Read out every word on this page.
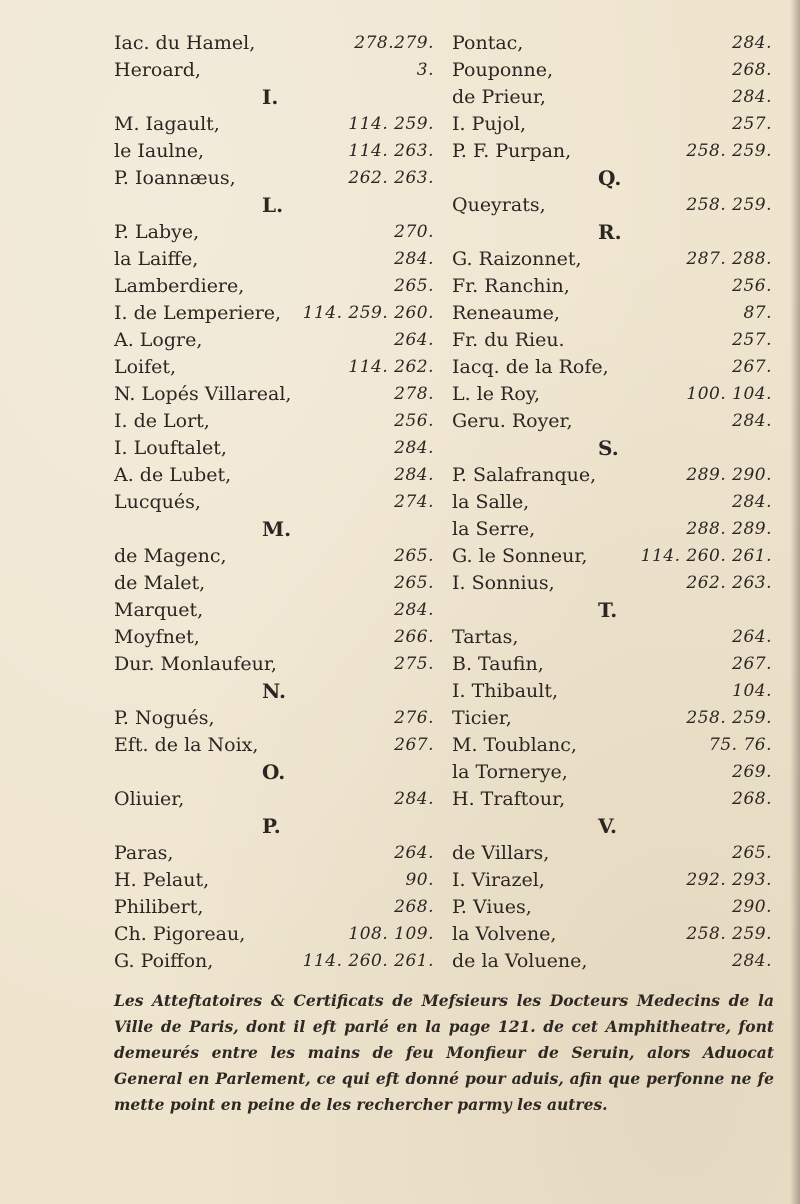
Iac. du Hamel,	278.279.
Heroard,	3.
I.
M. Iagault,	114. 259.
le Iaulne,	114. 263.
P. Ioannæus,	262. 263.
L.
P. Labye,	270.
la Laiffe,	284.
Lamberdiere,	265.
I. de Lemperiere, 114. 259. 260.
A. Logre,	264.
Loifet,	114. 262.
N. Lopés Villareal,	278.
I. de Lort,	256.
I. Louftalet,	284.
A. de Lubet,	284.
Lucqués,	274.
M.
de Magenc,	265.
de Malet,	265.
Marquet,	284.
Moyfnet,	266.
Dur. Monlaufeur,	275.
N.
P. Nogués,	276.
Eft. de la Noix,	267.
O.
Oliuier,	284.
P.
Paras,	264.
H. Pelaut,	90.
Philibert,	268.
Ch. Pigoreau,	108. 109.
G. Poiffon,	114. 260. 261.
Pontac,	284.
Pouponne,	268.
de Prieur,	284.
I. Pujol,	257.
P. F. Purpan,	258. 259.
Q.
Queyrats,	258. 259.
R.
G. Raizonnet,	287. 288.
Fr. Ranchin,	256.
Reneaume,	87.
Fr. du Rieu.	257.
Iacq. de la Rofe,	267.
L. le Roy,	100. 104.
Geru. Royer,	284.
S.
P. Salafranque,	289. 290.
la Salle,	284.
la Serre,	288. 289.
G. le Sonneur,	114. 260. 261.
I. Sonnius,	262. 263.
T.
Tartas,	264.
B. Taufin,	267.
I. Thibault,	104.
Ticier,	258. 259.
M. Toublanc,	75. 76.
la Tornerye,	269.
H. Traftour,	268.
V.
de Villars,	265.
I. Virazel,	292. 293.
P. Viues,	290.
la Volvene,	258. 259.
de la Voluene,	284.

Les Atteftatoires & Certificats de Mefsieurs les Docteurs Medecins de la Ville de Paris, dont il eft parlé en la page 121. de cet Amphitheatre, font demeurés entre les mains de feu Monfieur de Seruin, alors Aduocat General en Parlement, ce qui eft donné pour aduis, afin que perfonne ne fe mette point en peine de les rechercher parmy les autres.
